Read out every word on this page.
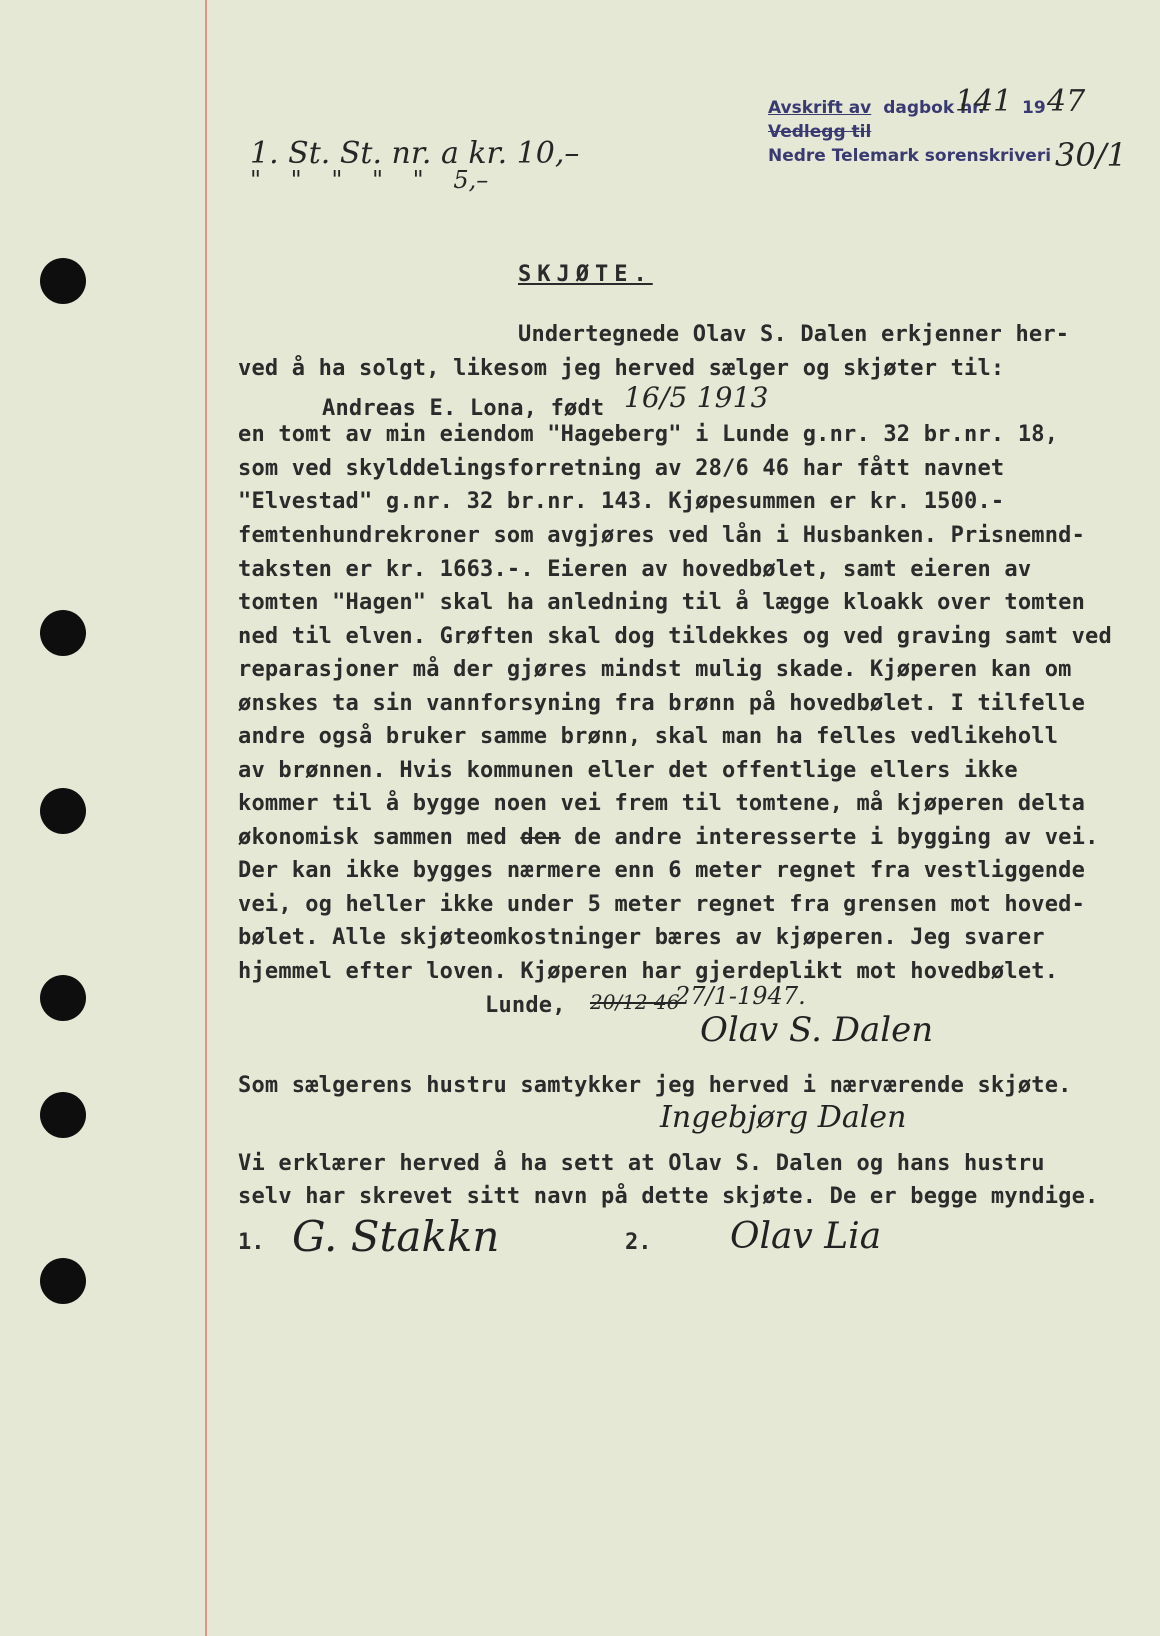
Avskrift av dagbok nr.
141 19 47
Vedlegg til
Nedre Telemark sorenskriveri 30/1
1. St. St. nr. a kr. 10,–
" " " " " 5,–
SKJØTE.
Undertegnede Olav S. Dalen erkjenner her-
ved å ha solgt, likesom jeg herved sælger og skjøter til:
Andreas E. Lona, født 16/5 1913
en tomt av min eiendom "Hageberg" i Lunde g.nr. 32 br.nr. 18,
som ved skylddelingsforretning av 28/6 46 har fått navnet
"Elvestad" g.nr. 32 br.nr. 143. Kjøpesummen er kr. 1500.-
femtenhundrekroner som avgjøres ved lån i Husbanken. Prisnemnd-
taksten er kr. 1663.-. Eieren av hovedbølet, samt eieren av
tomten "Hagen" skal ha anledning til å lægge kloakk over tomten
ned til elven. Grøften skal dog tildekkes og ved graving samt ved
reparasjoner må der gjøres mindst mulig skade. Kjøperen kan om
ønskes ta sin vannforsyning fra brønn på hovedbølet. I tilfelle
andre også bruker samme brønn, skal man ha felles vedlikeholl
av brønnen. Hvis kommunen eller det offentlige ellers ikke
kommer til å bygge noen vei frem til tomtene, må kjøperen delta
økonomisk sammen med den de andre interesserte i bygging av vei.
Der kan ikke bygges nærmere enn 6 meter regnet fra vestliggende
vei, og heller ikke under 5 meter regnet fra grensen mot hoved-
bølet. Alle skjøteomkostninger bæres av kjøperen. Jeg svarer
hjemmel efter loven. Kjøperen har gjerdeplikt mot hovedbølet.
Lunde, 20/12 46
27/1-1947.
Olav S. Dalen
Som sælgerens hustru samtykker jeg herved i nærværende skjøte.
Ingebjørg Dalen
Vi erklærer herved å ha sett at Olav S. Dalen og hans hustru
selv har skrevet sitt navn på dette skjøte. De er begge myndige.
1. G. Stakkn	2. Olav Lia
